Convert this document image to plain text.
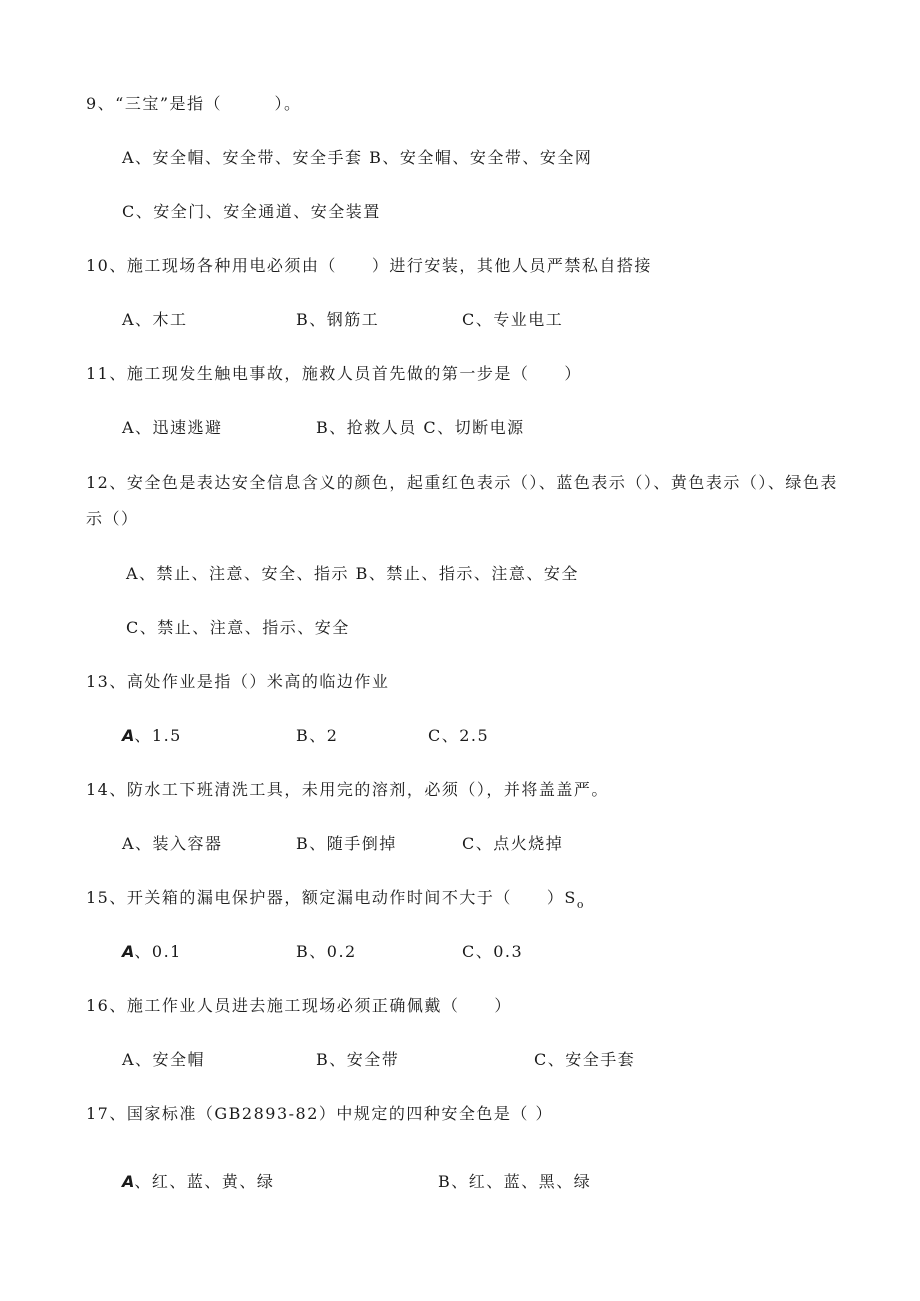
9、“三宝”是指（　　　）。
A、安全帽、安全带、安全手套 B、安全帽、安全带、安全网
C、安全门、安全通道、安全装置
10、施工现场各种用电必须由（　　）进行安装，其他人员严禁私自搭接
A、木工	B、钢筋工	C、专业电工
11、施工现发生触电事故，施救人员首先做的第一步是（　　）
A、迅速逃避	B、抢救人员 C、切断电源
12、安全色是表达安全信息含义的颜色，起重红色表示（）、蓝色表示（）、黄色表示（）、绿色表示（）
A、禁止、注意、安全、指示 B、禁止、指示、注意、安全
C、禁止、注意、指示、安全
13、高处作业是指（）米高的临边作业
A、1.5	B、2	C、2.5
14、防水工下班清洗工具，未用完的溶剂，必须（），并将盖盖严。
A、装入容器	B、随手倒掉	C、点火烧掉
15、开关箱的漏电保护器，额定漏电动作时间不大于（　　）$S_o$
A、0.1	B、0.2	C、0.3
16、施工作业人员进去施工现场必须正确佩戴（　　）
A、安全帽	B、安全带	C、安全手套
17、国家标准（GB2893-82）中规定的四种安全色是（ ）
A、红、蓝、黄、绿	B、红、蓝、黑、绿
